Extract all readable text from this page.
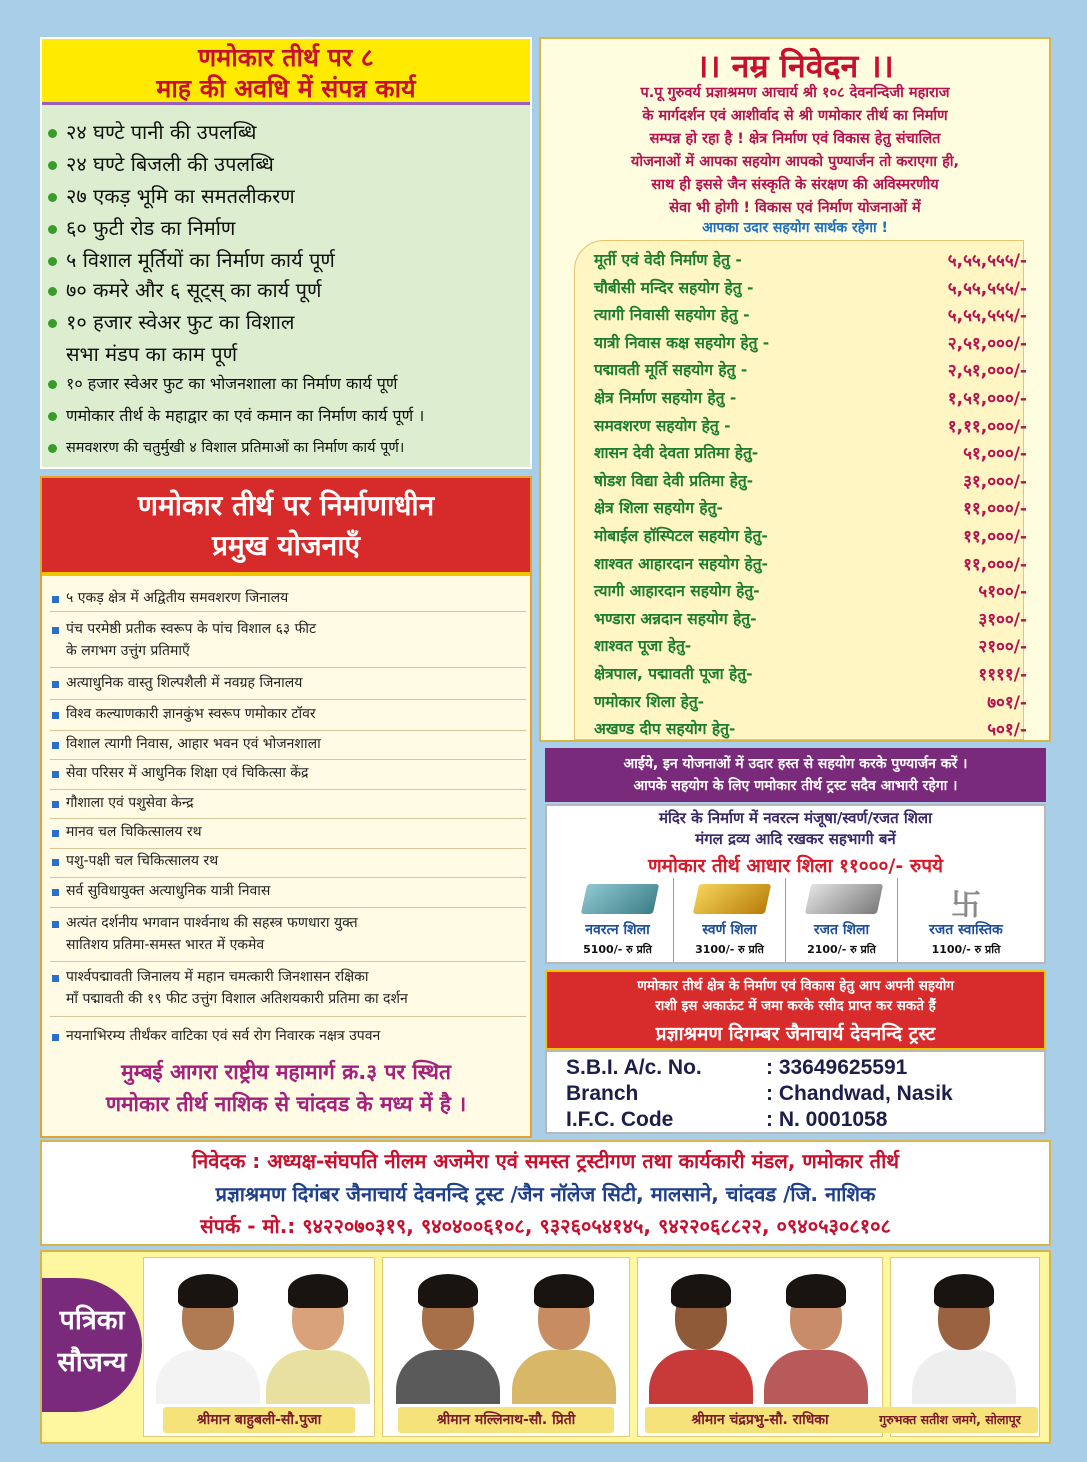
णमोकार तीर्थ पर ८
माह की अवधि में संपन्न कार्य
२४ घण्टे पानी की उपलब्धि
२४ घण्टे बिजली की उपलब्धि
२७ एकड़ भूमि का समतलीकरण
६० फुटी रोड का निर्माण
५ विशाल मूर्तियों का निर्माण कार्य पूर्ण
७० कमरे और ६ सूट्स् का कार्य पूर्ण
१० हजार स्वेअर फुट का विशाल
सभा मंडप का काम पूर्ण
१० हजार स्वेअर फुट का भोजनशाला का निर्माण कार्य पूर्ण
णमोकार तीर्थ के महाद्वार का एवं कमान का निर्माण कार्य पूर्ण ।
समवशरण की चतुर्मुखी ४ विशाल प्रतिमाओं का निर्माण कार्य पूर्ण।
णमोकार तीर्थ पर निर्माणाधीन
प्रमुख योजनाएँ
५ एकड़ क्षेत्र में अद्वितीय समवशरण जिनालय
पंच परमेष्ठी प्रतीक स्वरूप के पांच विशाल ६३ फीट
के लगभग उत्तुंग प्रतिमाएँ
अत्याधुनिक वास्तु शिल्पशैली में नवग्रह जिनालय
विश्व कल्याणकारी ज्ञानकुंभ स्वरूप णमोकार टॉवर
विशाल त्यागी निवास, आहार भवन एवं भोजनशाला
सेवा परिसर में आधुनिक शिक्षा एवं चिकित्सा केंद्र
गौशाला एवं पशुसेवा केन्द्र
मानव चल चिकित्सालय रथ
पशु-पक्षी चल चिकित्सालय रथ
सर्व सुविधायुक्त अत्याधुनिक यात्री निवास
अत्यंत दर्शनीय भगवान पार्श्वनाथ की सहस्त्र फणधारा युक्त
सातिशय प्रतिमा-समस्त भारत में एकमेव
पार्श्वपद्मावती जिनालय में महान चमत्कारी जिनशासन रक्षिका
माँ पद्मावती की १९ फीट उत्तुंग विशाल अतिशयकारी प्रतिमा का दर्शन
नयनाभिरम्य तीर्थंकर वाटिका एवं सर्व रोग निवारक नक्षत्र उपवन
मुम्बई आगरा राष्ट्रीय महामार्ग क्र.३ पर स्थित
णमोकार तीर्थ नाशिक से चांदवड के मध्य में है ।
।। नम्र निवेदन ।।
प.पू गुरुवर्य प्रज्ञाश्रमण आचार्य श्री १०८ देवनन्दिजी महाराज
के मार्गदर्शन एवं आशीर्वाद से श्री णमोकार तीर्थ का निर्माण
सम्पन्न हो रहा है ! क्षेत्र निर्माण एवं विकास हेतु संचालित
योजनाओं में आपका सहयोग आपको पुण्यार्जन तो कराएगा ही,
साथ ही इससे जैन संस्कृति के संरक्षण की अविस्मरणीय
सेवा भी होगी ! विकास एवं निर्माण योजनाओं में
आपका उदार सहयोग सार्थक रहेगा !
मूर्ती एवं वेदी निर्माण हेतु -	५,५५,५५५/-
चौबीसी मन्दिर सहयोग हेतु -	५,५५,५५५/-
त्यागी निवासी सहयोग हेतु -	५,५५,५५५/-
यात्री निवास कक्ष सहयोग हेतु -	२,५१,०००/-
पद्मावती मूर्ति सहयोग हेतु -	२,५१,०००/-
क्षेत्र निर्माण सहयोग हेतु -	१,५१,०००/-
समवशरण सहयोग हेतु -	१,११,०००/-
शासन देवी देवता प्रतिमा हेतु-	५१,०००/-
षोडश विद्या देवी प्रतिमा हेतु-	३१,०००/-
क्षेत्र शिला सहयोग हेतु-	११,०००/-
मोबाईल हॉस्पिटल सहयोग हेतु-	११,०००/-
शाश्वत आहारदान सहयोग हेतु-	११,०००/-
त्यागी आहारदान सहयोग हेतु-	५१००/-
भण्डारा अन्नदान सहयोग हेतु-	३१००/-
शाश्वत पूजा हेतु-	२१००/-
क्षेत्रपाल, पद्मावती पूजा हेतु-	११११/-
णमोकार शिला हेतु-	७०१/-
अखण्ड दीप सहयोग हेतु-	५०१/-
आईये, इन योजनाओं में उदार हस्त से सहयोग करके पुण्यार्जन करें ।
आपके सहयोग के लिए णमोकार तीर्थ ट्रस्ट सदैव आभारी रहेगा ।
मंदिर के निर्माण में नवरत्न मंजूषा/स्वर्ण/रजत शिला
मंगल द्रव्य आदि रखकर सहभागी बनें
णमोकार तीर्थ आधार शिला ११०००/- रुपये
नवरत्न शिला
5100/- रु प्रति
स्वर्ण शिला
3100/- रु प्रति
रजत शिला
2100/- रु प्रति
卐
रजत स्वास्तिक
1100/- रु प्रति
णमोकार तीर्थ क्षेत्र के निर्माण एवं विकास हेतु आप अपनी सहयोग
राशी इस अकाऊंट में जमा करके रसीद प्राप्त कर सकते हैं
प्रज्ञाश्रमण दिगम्बर जैनाचार्य देवनन्दि ट्रस्ट
S.B.I. A/c. No.	: 33649625591
Branch	: Chandwad, Nasik
I.F.C. Code	: N. 0001058
निवेदक : अध्यक्ष-संघपति नीलम अजमेरा एवं समस्त ट्रस्टीगण तथा कार्यकारी मंडल, णमोकार तीर्थ
प्रज्ञाश्रमण दिगंबर जैनाचार्य देवनन्दि ट्रस्ट /जैन नॉलेज सिटी, मालसाने, चांदवड /जि. नाशिक
संपर्क - मो.: ९४२२०७०३१९, ९४०४००६१०८, ९३२६०५४१४५, ९४२२०६८८२२, ०९४०५३०८१०८
पत्रिका
सौजन्य
श्रीमान बाहुबली-सौ.पुजा	श्रीमान मल्लिनाथ-सौ. प्रिती	श्रीमान चंद्रप्रभु-सौ. राधिका	गुरुभक्त सतीश जमगे, सोलापूर
